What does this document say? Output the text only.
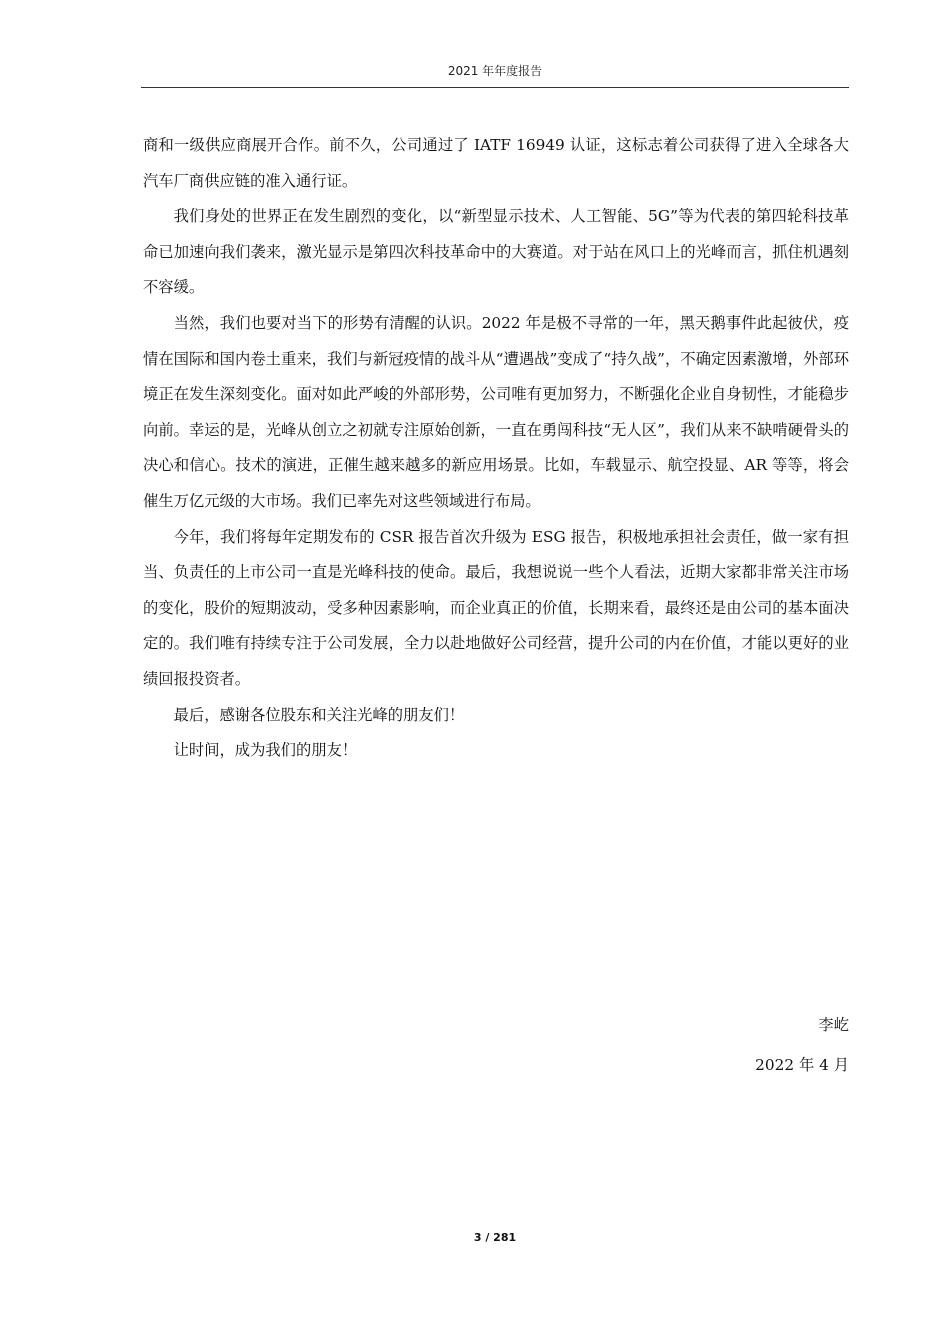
2021 年年度报告

商和一级供应商展开合作。前不久，公司通过了 IATF 16949 认证，这标志着公司获得了进入全球各大汽车厂商供应链的准入通行证。

我们身处的世界正在发生剧烈的变化，以“新型显示技术、人工智能、5G”等为代表的第四轮科技革命已加速向我们袭来，激光显示是第四次科技革命中的大赛道。对于站在风口上的光峰而言，抓住机遇刻不容缓。

当然，我们也要对当下的形势有清醒的认识。2022 年是极不寻常的一年，黑天鹅事件此起彼伏，疫情在国际和国内卷土重来，我们与新冠疫情的战斗从“遭遇战”变成了“持久战”，不确定因素激增，外部环境正在发生深刻变化。面对如此严峻的外部形势，公司唯有更加努力，不断强化企业自身韧性，才能稳步向前。幸运的是，光峰从创立之初就专注原始创新，一直在勇闯科技“无人区”，我们从来不缺啃硬骨头的决心和信心。技术的演进，正催生越来越多的新应用场景。比如，车载显示、航空投显、AR 等等，将会催生万亿元级的大市场。我们已率先对这些领域进行布局。

今年，我们将每年定期发布的 CSR 报告首次升级为 ESG 报告，积极地承担社会责任，做一家有担当、负责任的上市公司一直是光峰科技的使命。最后，我想说说一些个人看法，近期大家都非常关注市场的变化，股价的短期波动，受多种因素影响，而企业真正的价值，长期来看，最终还是由公司的基本面决定的。我们唯有持续专注于公司发展，全力以赴地做好公司经营，提升公司的内在价值，才能以更好的业绩回报投资者。

最后，感谢各位股东和关注光峰的朋友们！

让时间，成为我们的朋友！

李屹
2022 年 4 月
3 / 281
